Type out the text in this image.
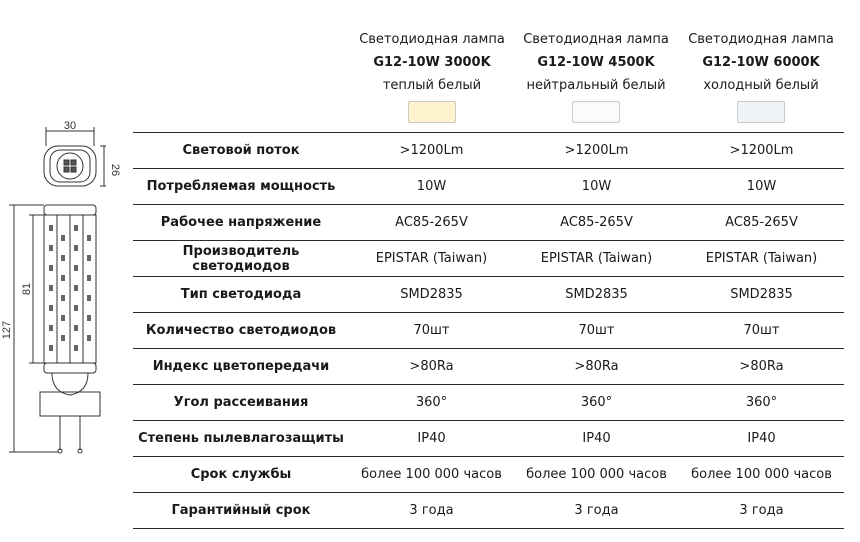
30
26
81
127
Светодиодная лампа
G12-10W 3000K
теплый белый
Светодиодная лампа
G12-10W 4500K
нейтральный белый
Светодиодная лампа
G12-10W 6000K
холодный белый
Световой поток	>1200Lm	>1200Lm	>1200Lm
Потребляемая мощность	10W	10W	10W
Рабочее напряжение	AC85-265V	AC85-265V	AC85-265V
Производитель светодиодов	EPISTAR (Taiwan)	EPISTAR (Taiwan)	EPISTAR (Taiwan)
Тип светодиода	SMD2835	SMD2835	SMD2835
Количество светодиодов	70шт	70шт	70шт
Индекс цветопередачи	>80Ra	>80Ra	>80Ra
Угол рассеивания	360°	360°	360°
Степень пылевлагозащиты	IP40	IP40	IP40
Срок службы	более 100 000 часов	более 100 000 часов	более 100 000 часов
Гарантийный срок	3 года	3 года	3 года
